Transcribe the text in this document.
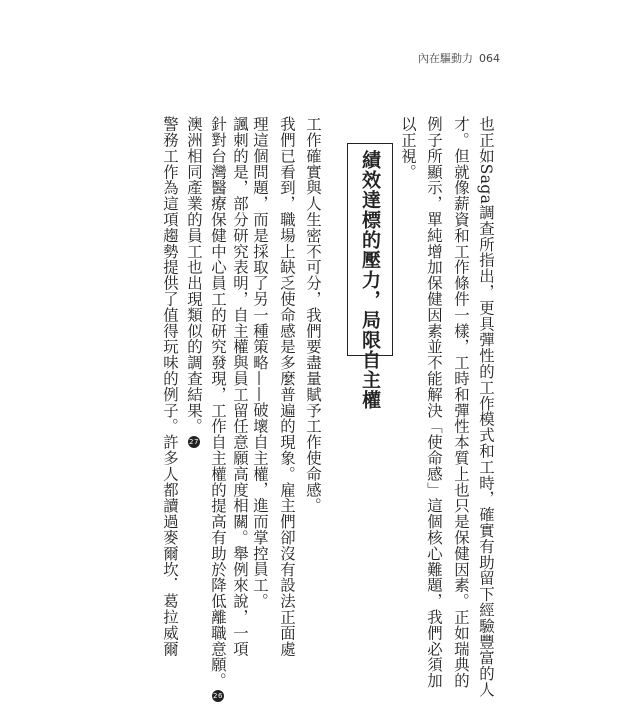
內在驅動力 064
也正如Saga調查所指出，更具彈性的工作模式和工時，確實有助留下經驗豐富的人
才。但就像薪資和工作條件一樣，工時和彈性本質上也只是保健因素。正如瑞典的
例子所顯示，單純增加保健因素並不能解決「使命感」這個核心難題，我們必須加
以正視。
績效達標的壓力，局限自主權
工作確實與人生密不可分，我們要盡量賦予工作使命感。
我們已看到，職場上缺乏使命感是多麼普遍的現象。雇主們卻沒有設法正面處
理這個問題，而是採取了另一種策略——破壞自主權，進而掌控員工。
諷刺的是，部分研究表明，自主權與員工留任意願高度相關。舉例來說，一項
針對台灣醫療保健中心員工的研究發現，工作自主權的提高有助於降低離職意願。26
澳洲相同產業的員工也出現類似的調查結果。27
警務工作為這項趨勢提供了值得玩味的例子。許多人都讀過麥爾坎．葛拉威爾
